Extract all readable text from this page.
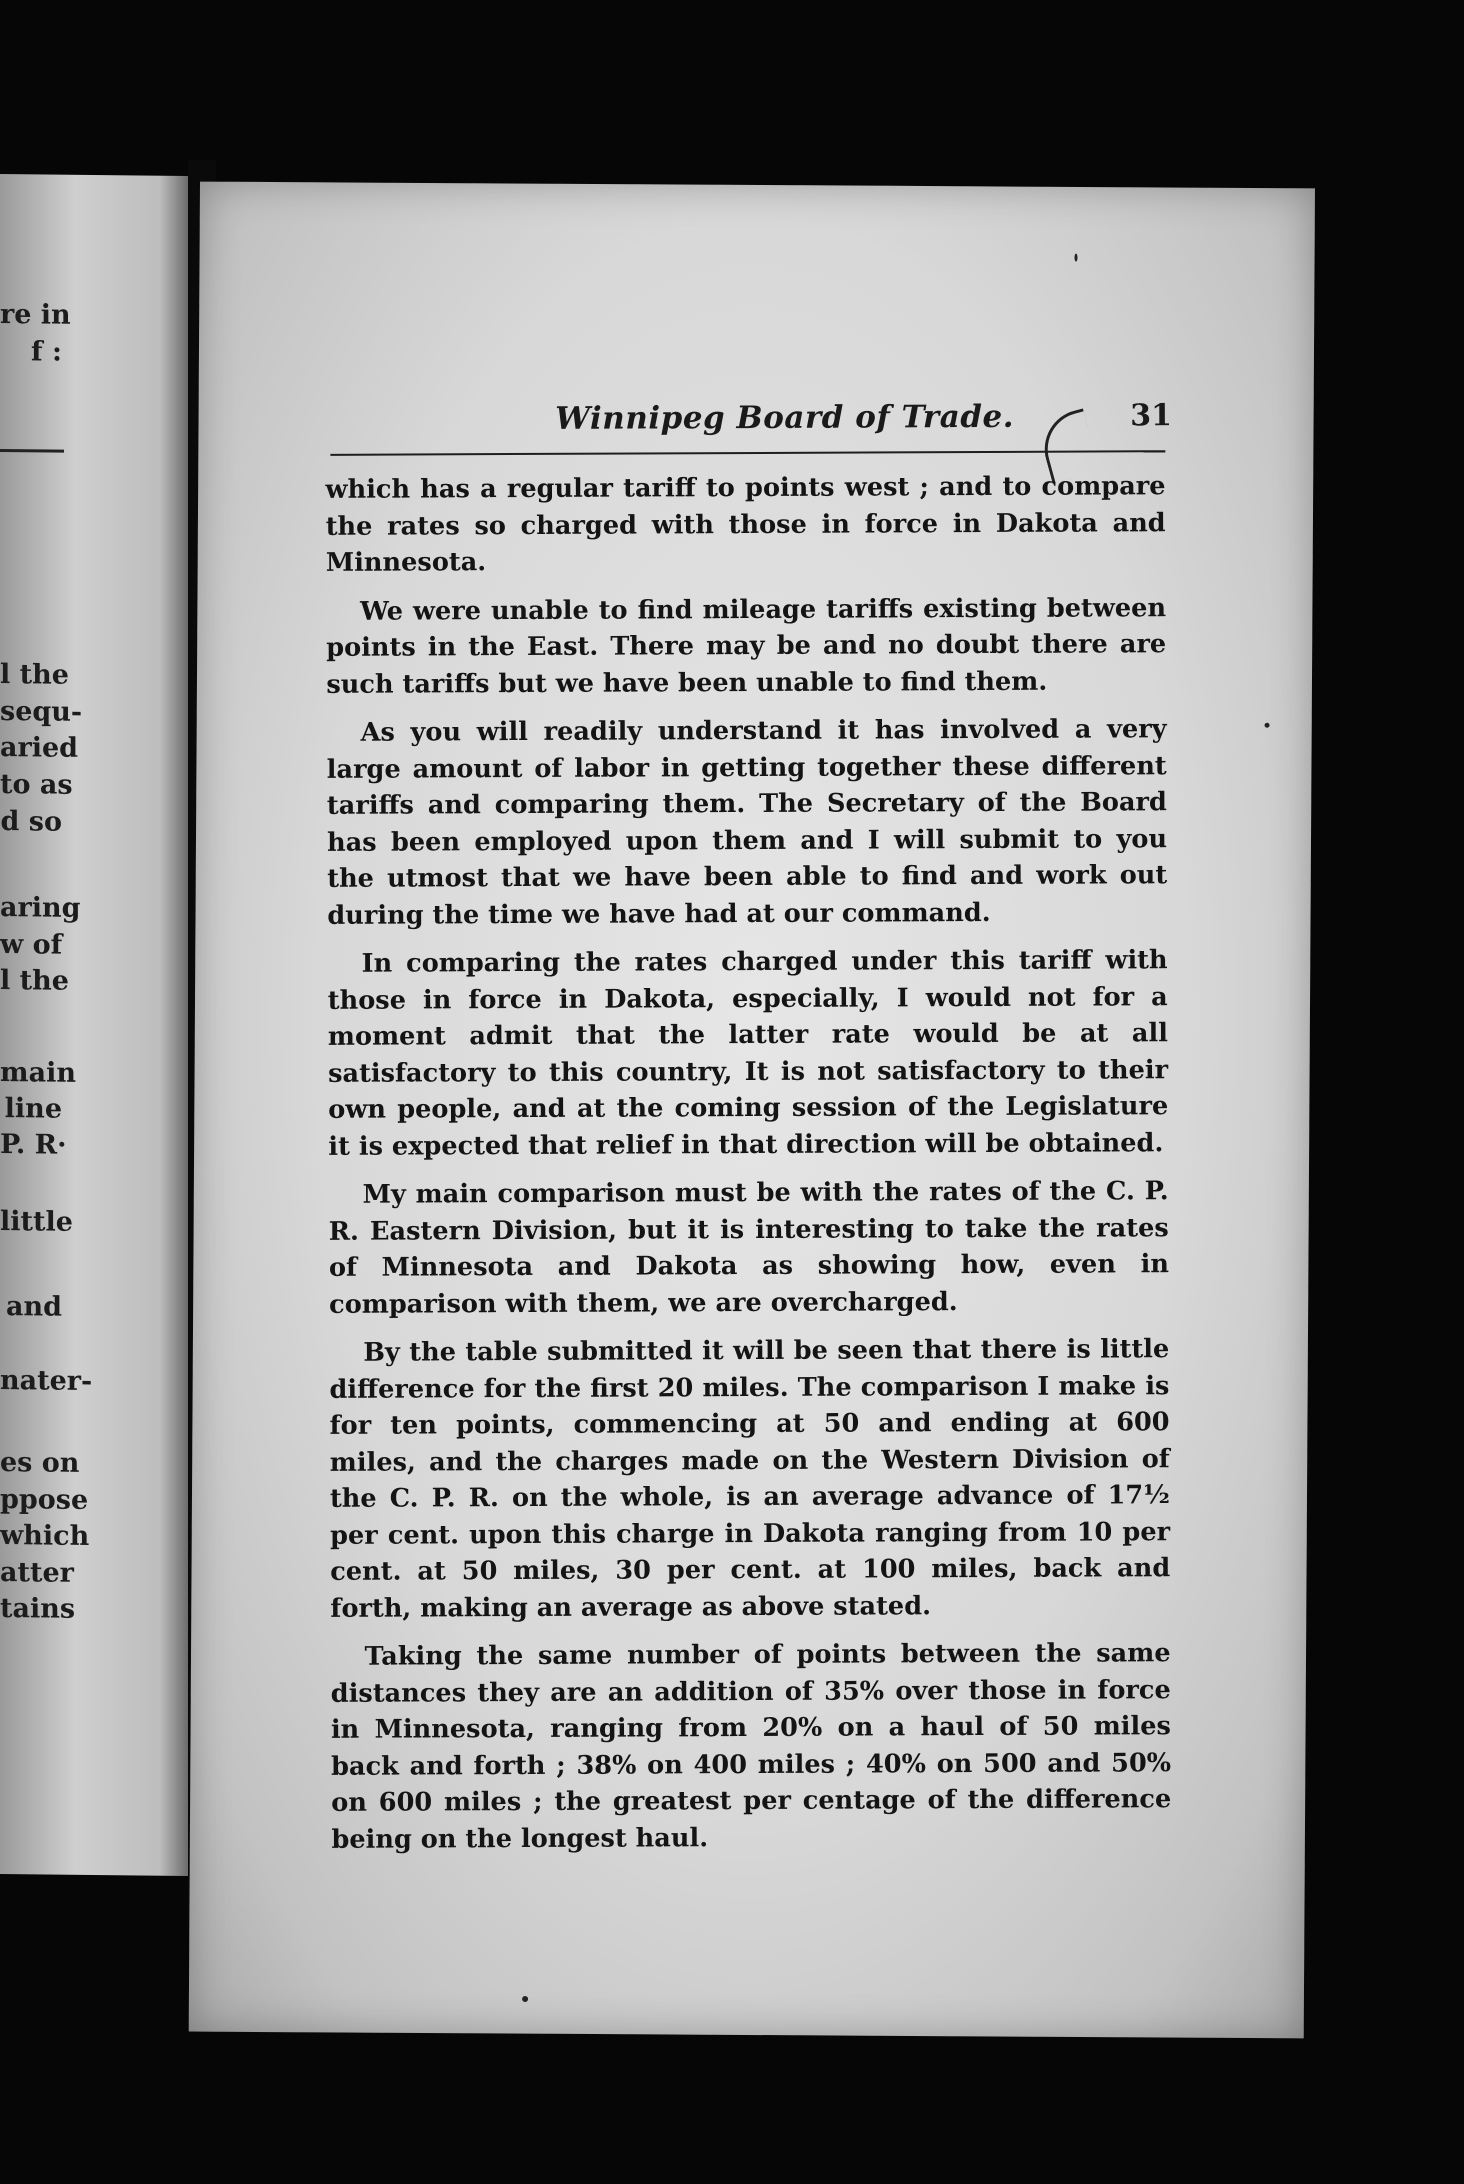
re in
f :
l the
sequ-
aried
to as
d so
aring
w of
l the
main
line
P. R·
little
and
nater-
es on
ppose
which
atter
tains
Winnipeg Board of Trade.	31

which has a regular tariff to points west ; and to compare the rates so charged with those in force in Dakota and Minnesota.

We were unable to find mileage tariffs existing between points in the East. There may be and no doubt there are such tariffs but we have been unable to find them.

As you will readily understand it has involved a very large amount of labor in getting together these different tariffs and comparing them. The Secretary of the Board has been employed upon them and I will submit to you the utmost that we have been able to find and work out during the time we have had at our command.

In comparing the rates charged under this tariff with those in force in Dakota, especially, I would not for a moment admit that the latter rate would be at all satisfactory to this country, It is not satisfactory to their own people, and at the coming session of the Legislature it is expected that relief in that direction will be obtained.

My main comparison must be with the rates of the C. P. R. Eastern Division, but it is interesting to take the rates of Minnesota and Dakota as showing how, even in comparison with them, we are overcharged.

By the table submitted it will be seen that there is little difference for the first 20 miles. The comparison I make is for ten points, commencing at 50 and ending at 600 miles, and the charges made on the Western Division of the C. P. R. on the whole, is an average advance of 17½ per cent. upon this charge in Dakota ranging from 10 per cent. at 50 miles, 30 per cent. at 100 miles, back and forth, making an average as above stated.

Taking the same number of points between the same distances they are an addition of 35% over those in force in Minnesota, ranging from 20% on a haul of 50 miles back and forth ; 38% on 400 miles ; 40% on 500 and 50% on 600 miles ; the greatest per centage of the difference being on the longest haul.
